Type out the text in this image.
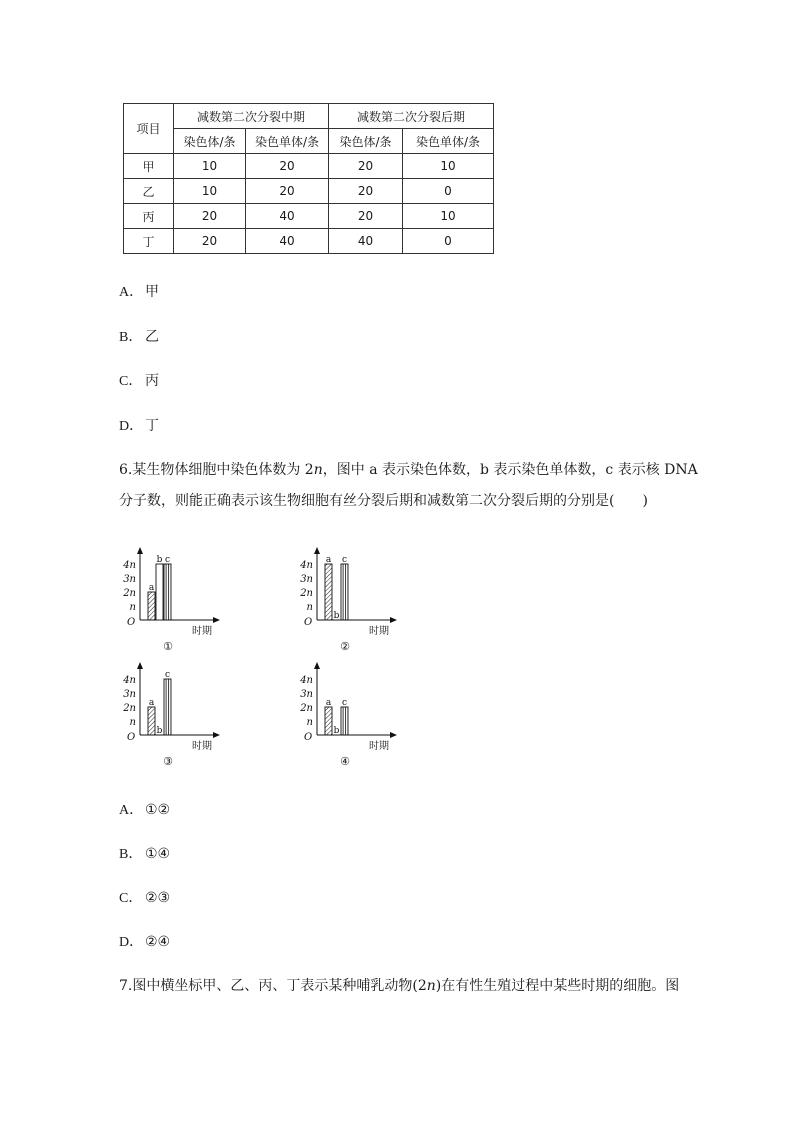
项目	减数第二次分裂中期		减数第二次分裂后期	
	染色体/条	染色单体/条	染色体/条	染色单体/条
甲	10	20	20	10
乙	10	20	20	0
丙	20	40	20	10
丁	20	40	40	0
A． 甲
B． 乙
C． 丙
D． 丁
6.某生物体细胞中染色体数为 2n，图中 a 表示染色体数，b 表示染色单体数，c 表示核 DNA
分子数，则能正确表示该生物细胞有丝分裂后期和减数第二次分裂后期的分别是(　　)
4n
3n
2n
n
O
时期
a
b c
①
4n
3n
2n
n
O
时期
a
b
c
②
4n
3n
2n
n
O
时期
a
b
c
③
4n
3n
2n
n
O
时期
a
b
c
④
A． ①②
B． ①④
C． ②③
D． ②④
7.图中横坐标甲、乙、丙、丁表示某种哺乳动物(2n)在有性生殖过程中某些时期的细胞。图
